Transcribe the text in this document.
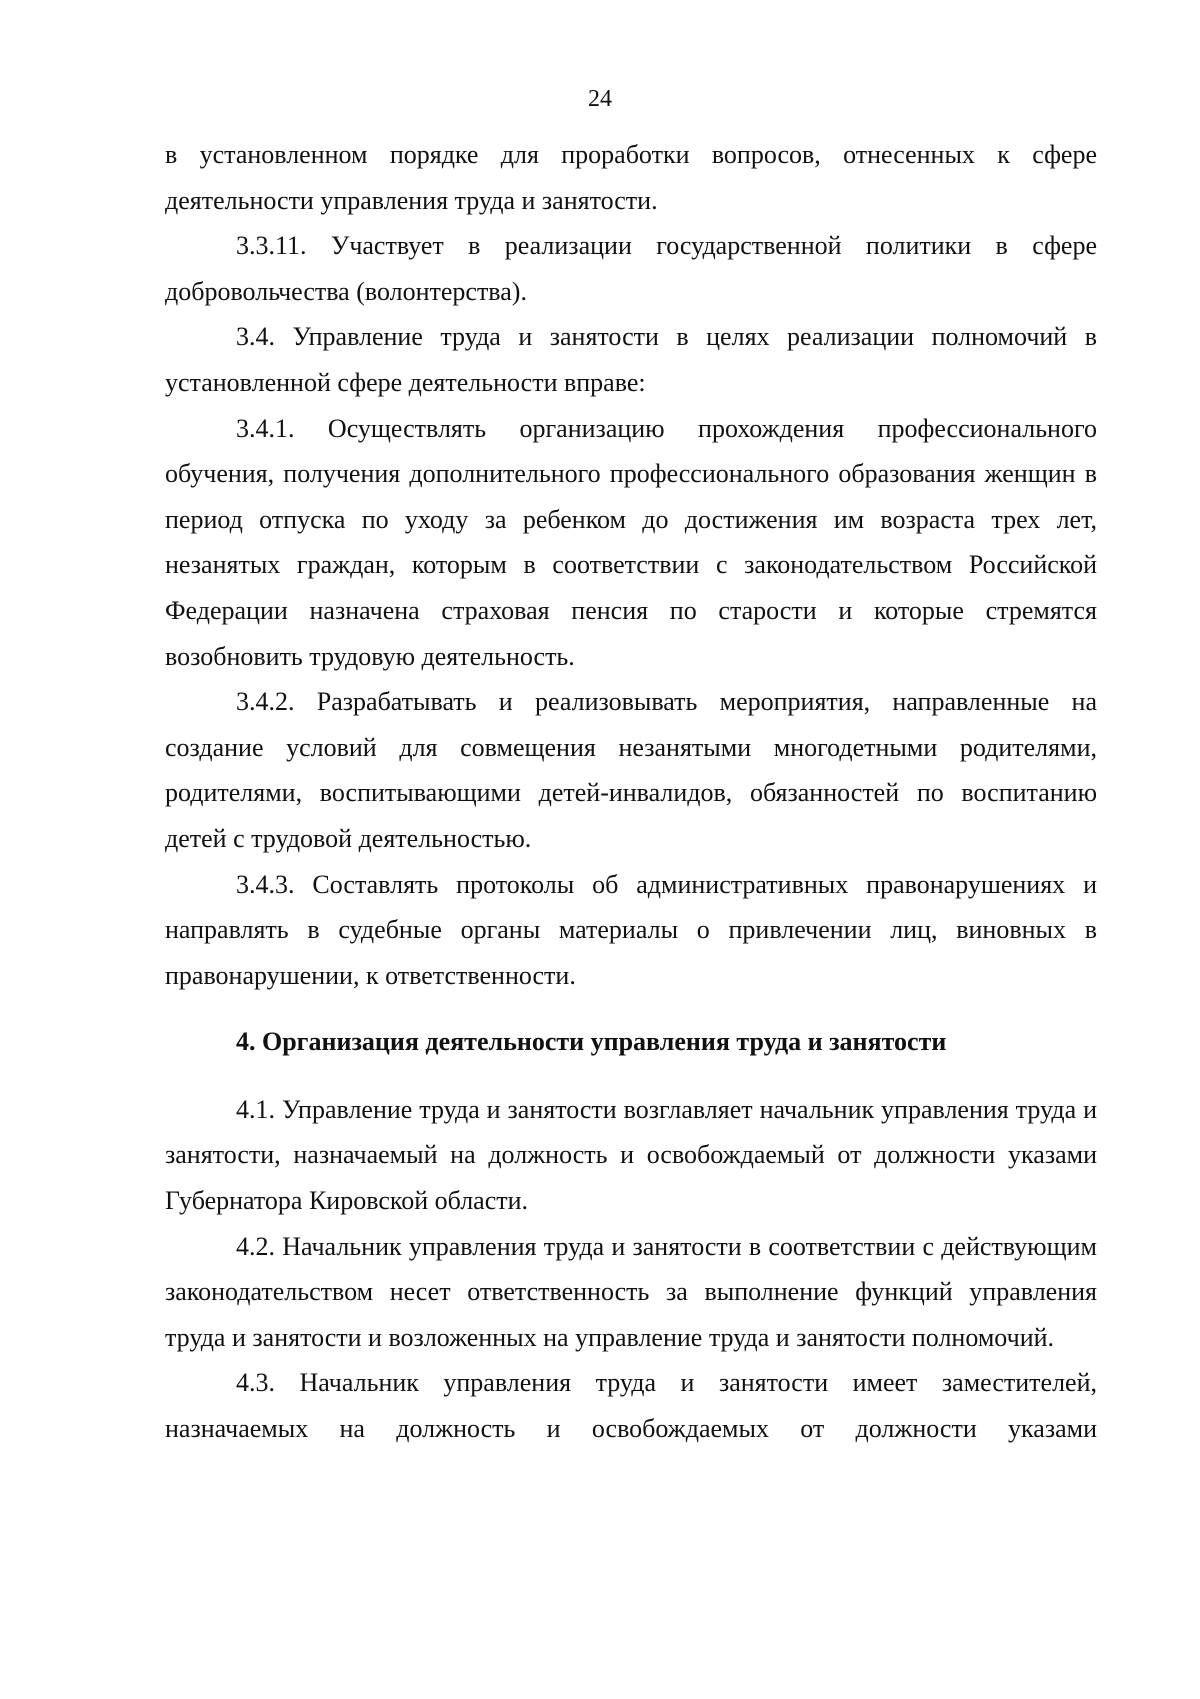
24

в установленном порядке для проработки вопросов, отнесенных к сфере деятельности управления труда и занятости.

3.3.11. Участвует в реализации государственной политики в сфере добровольчества (волонтерства).

3.4. Управление труда и занятости в целях реализации полномочий в установленной сфере деятельности вправе:

3.4.1. Осуществлять организацию прохождения профессионального обучения, получения дополнительного профессионального образования женщин в период отпуска по уходу за ребенком до достижения им возраста трех лет, незанятых граждан, которым в соответствии с законодательством Российской Федерации назначена страховая пенсия по старости и которые стремятся возобновить трудовую деятельность.

3.4.2. Разрабатывать и реализовывать мероприятия, направленные на создание условий для совмещения незанятыми многодетными родителями, родителями, воспитывающими детей-инвалидов, обязанностей по воспитанию детей с трудовой деятельностью.

3.4.3. Составлять протоколы об административных правонарушениях и направлять в судебные органы материалы о привлечении лиц, виновных в правонарушении, к ответственности.

4. Организация деятельности управления труда и занятости

4.1. Управление труда и занятости возглавляет начальник управления труда и занятости, назначаемый на должность и освобождаемый от должности указами Губернатора Кировской области.

4.2. Начальник управления труда и занятости в соответствии с действующим законодательством несет ответственность за выполнение функций управления труда и занятости и возложенных на управление труда и занятости полномочий.

4.3. Начальник управления труда и занятости имеет заместителей, назначаемых на должность и освобождаемых от должности указами
